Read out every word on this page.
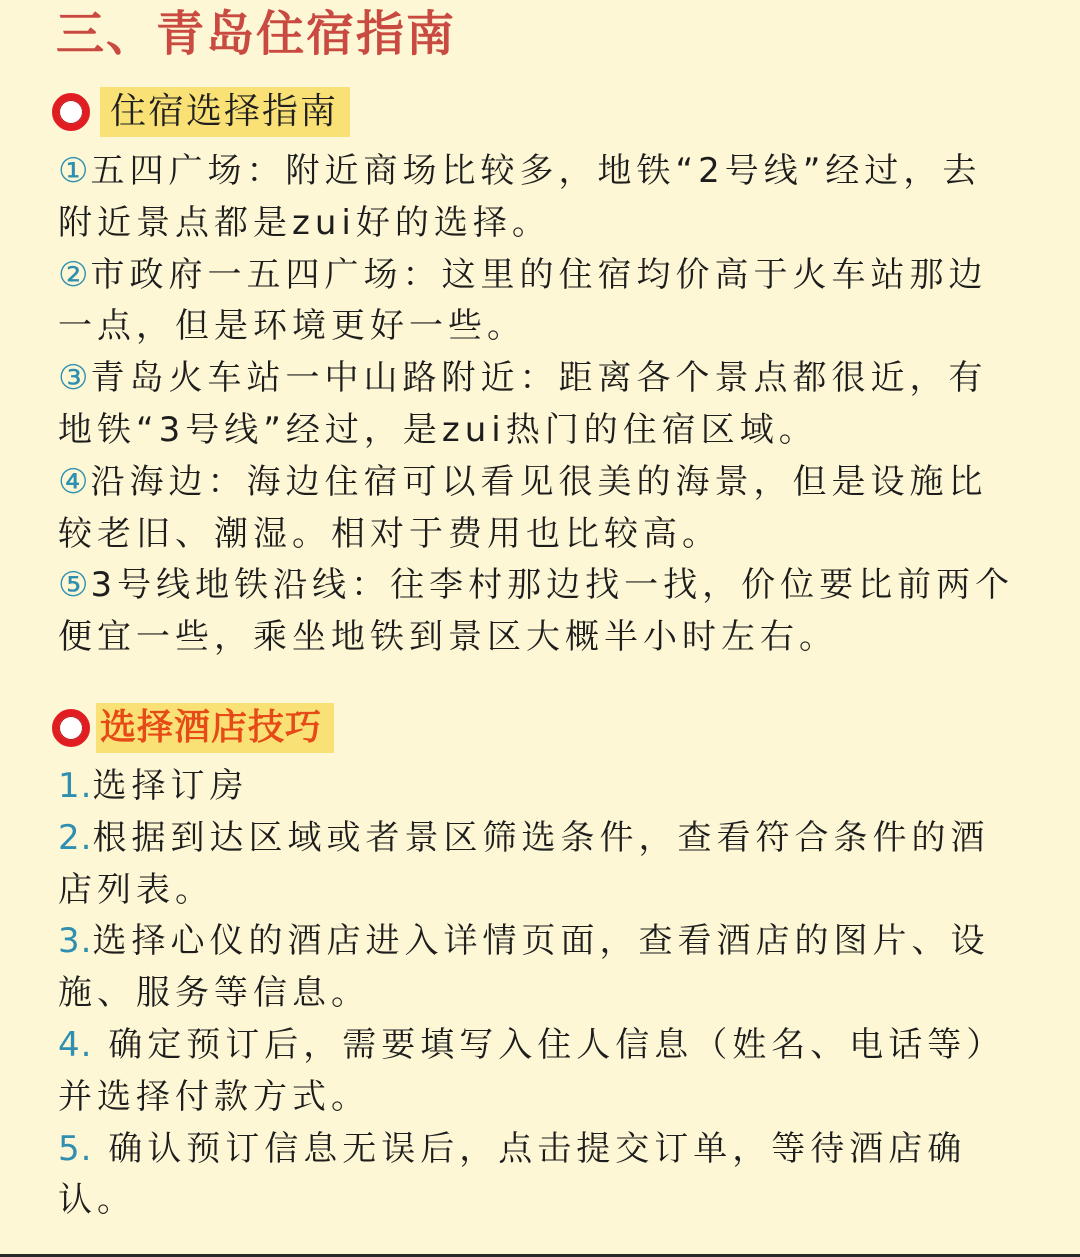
三、青岛住宿指南
住宿选择指南
①五四广场：附近商场比较多，地铁“2号线”经过，去附近景点都是zui好的选择。
②市政府一五四广场：这里的住宿均价高于火车站那边一点，但是环境更好一些。
③青岛火车站一中山路附近：距离各个景点都很近，有地铁“3号线”经过，是zui热门的住宿区域。
④沿海边：海边住宿可以看见很美的海景，但是设施比较老旧、潮湿。相对于费用也比较高。
⑤3号线地铁沿线：往李村那边找一找，价位要比前两个便宜一些，乘坐地铁到景区大概半小时左右。
选择酒店技巧
1.选择订房
2.根据到达区域或者景区筛选条件，查看符合条件的酒店列表。
3.选择心仪的酒店进入详情页面，查看酒店的图片、设施、服务等信息。
4. 确定预订后，需要填写入住人信息（姓名、电话等）并选择付款方式。
5. 确认预订信息无误后，点击提交订单，等待酒店确认。
